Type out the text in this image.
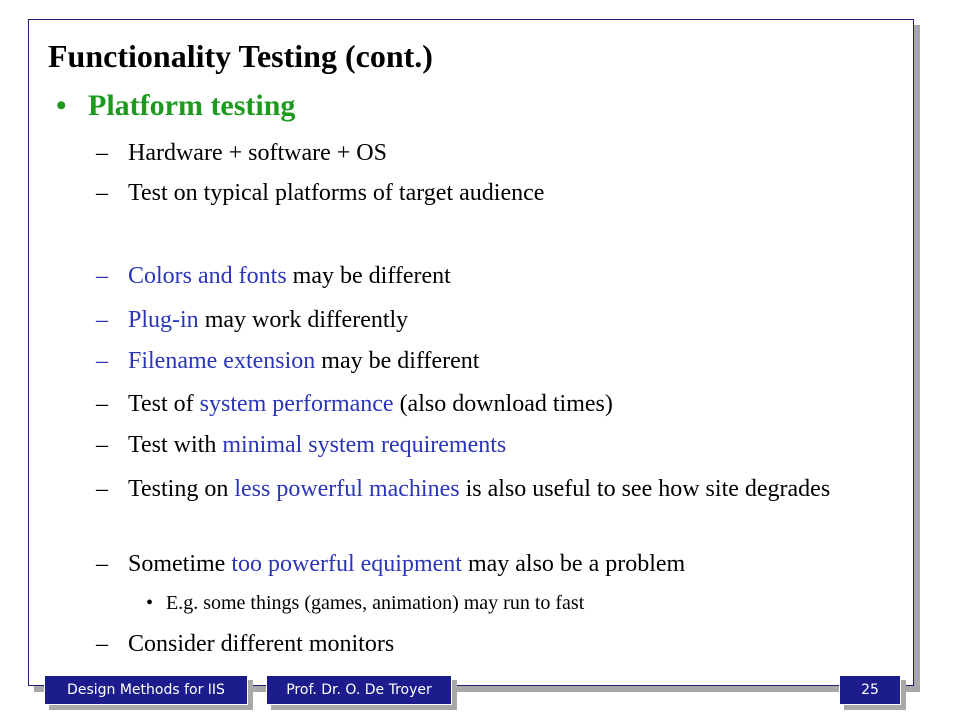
Functionality Testing (cont.)
• Platform testing
– Hardware + software + OS
– Test on typical platforms of target audience
– Colors and fonts may be different
– Plug-in may work differently
– Filename extension may be different
– Test of system performance (also download times)
– Test with minimal system requirements
– Testing on less powerful machines is also useful to see how site degrades
– Sometime too powerful equipment may also be a problem
– Consider different monitors
• E.g. some things (games, animation) may run to fast
Design Methods for IIS	Prof. Dr. O. De Troyer	25
